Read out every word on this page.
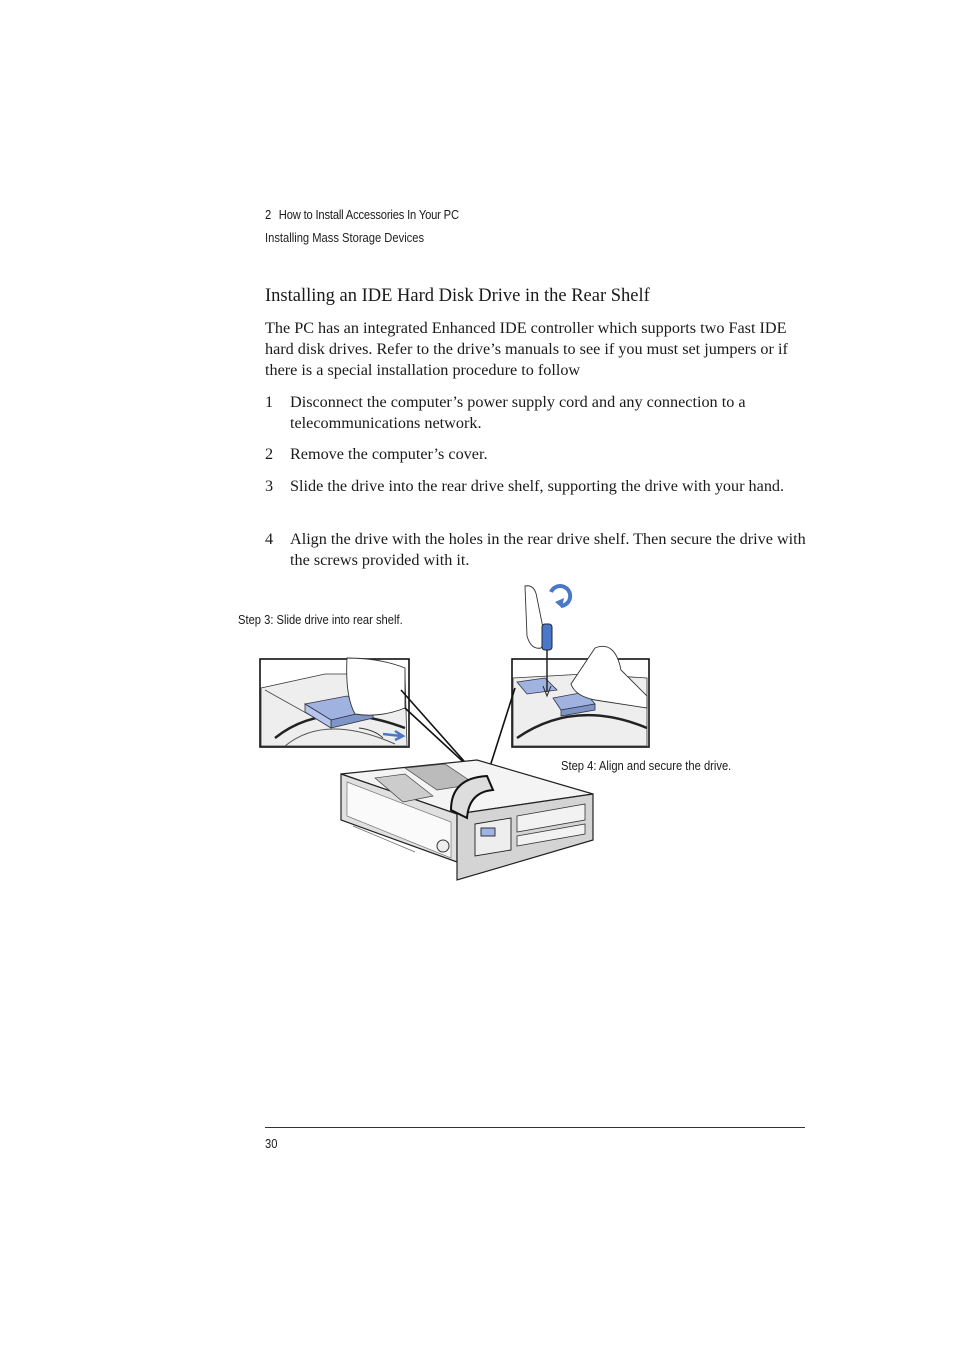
2 How to Install Accessories In Your PC
Installing Mass Storage Devices
Installing an IDE Hard Disk Drive in the Rear Shelf
The PC has an integrated Enhanced IDE controller which supports two Fast IDE hard disk drives. Refer to the drive’s manuals to see if you must set jumpers or if there is a special installation procedure to follow
1 Disconnect the computer’s power supply cord and any connection to a telecommunications network.
2 Remove the computer’s cover.
3 Slide the drive into the rear drive shelf, supporting the drive with your hand.
4 Align the drive with the holes in the rear drive shelf. Then secure the drive with the screws provided with it.
Step 3: Slide drive into rear shelf.
Step 4: Align and secure the drive.
30
